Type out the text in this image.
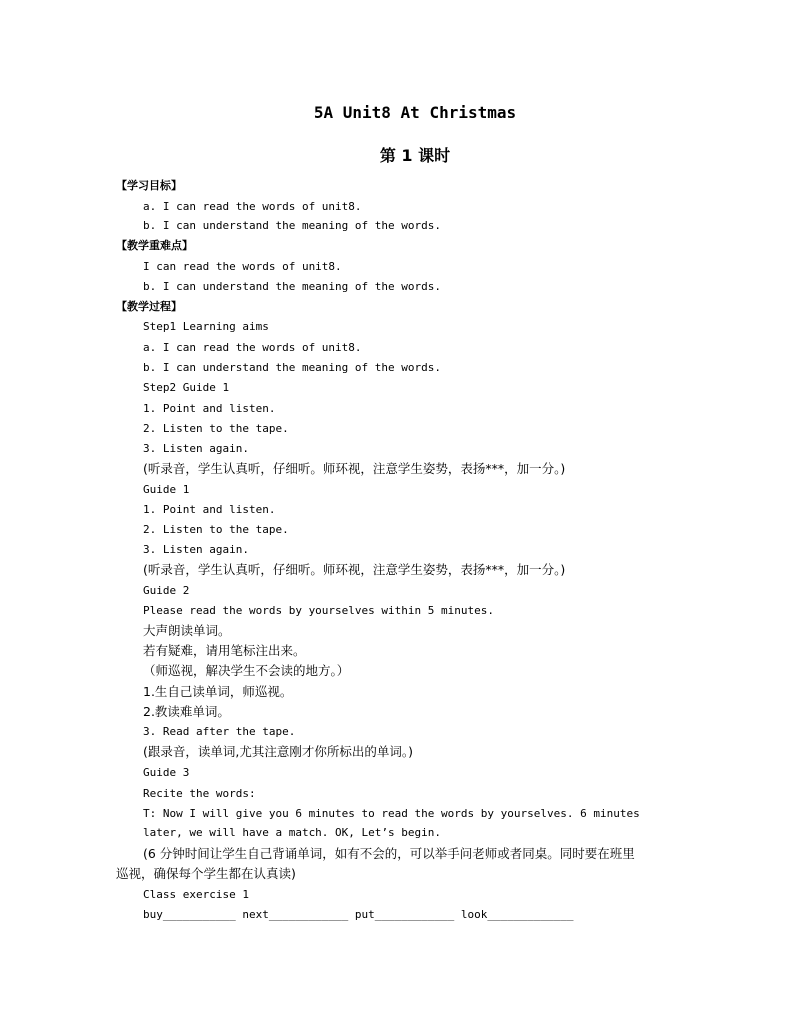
5A Unit8 At Christmas
第 1 课时
【学习目标】
a. I can read the words of unit8.
b. I can understand the meaning of the words.
【教学重难点】
I can read the words of unit8.
b. I can understand the meaning of the words.
【教学过程】
Step1 Learning aims
a. I can read the words of unit8.
b. I can understand the meaning of the words.
Step2 Guide 1
1. Point and listen.
2. Listen to the tape.
3. Listen again.
(听录音，学生认真听，仔细听。师环视，注意学生姿势，表扬***，加一分。)
Guide 1
1. Point and listen.
2. Listen to the tape.
3. Listen again.
(听录音，学生认真听，仔细听。师环视，注意学生姿势，表扬***，加一分。)
Guide 2
Please read the words by yourselves within 5 minutes.
大声朗读单词。
若有疑难，请用笔标注出来。
（师巡视，解决学生不会读的地方。）
1.生自己读单词，师巡视。
2.教读难单词。
3. Read after the tape.
(跟录音，读单词,尤其注意刚才你所标出的单词。)
Guide 3
Recite the words:
T: Now I will give you 6 minutes to read the words by yourselves. 6 minutes
later, we will have a match. OK, Let’s begin.
(6 分钟时间让学生自己背诵单词，如有不会的，可以举手问老师或者同桌。同时要在班里
巡视，确保每个学生都在认真读)
Class exercise 1
buy___________ next____________ put____________ look_____________
